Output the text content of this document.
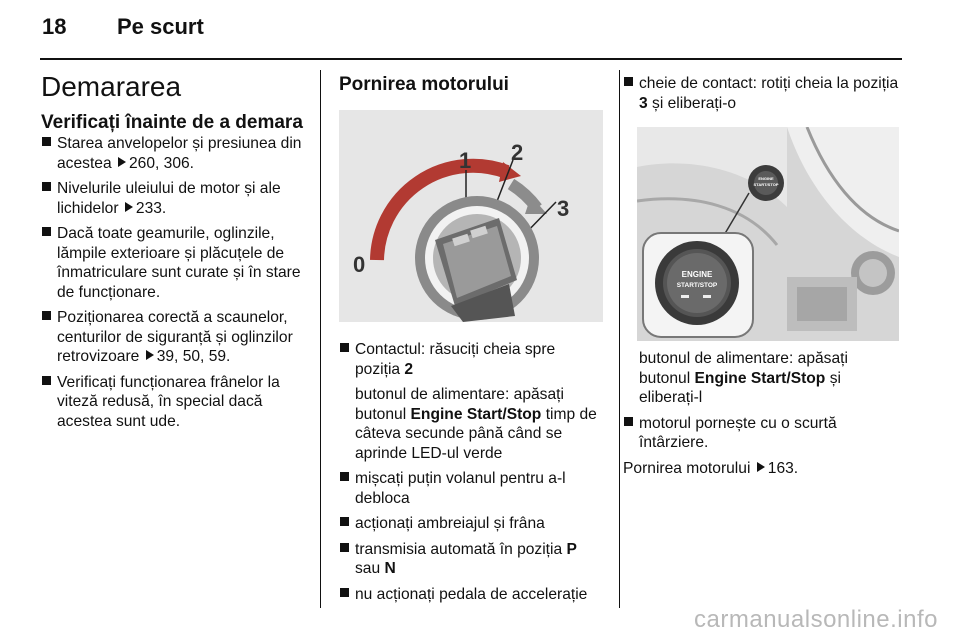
18 Pe scurt
Demararea
Verificați înainte de a demara
Starea anvelopelor și presiunea din acestea 260, 306.
Nivelurile uleiului de motor și ale lichidelor 233.
Dacă toate geamurile, oglinzile, lămpile exterioare și plăcuțele de înmatriculare sunt curate și în stare de funcționare.
Poziționarea corectă a scaunelor, centurilor de siguranță și oglinzilor retrovizoare 39, 50, 59.
Verificați funcționarea frânelor la viteză redusă, în special dacă acestea sunt ude.
Pornirea motorului
0
1 2
3
Contactul: răsuciți cheia spre poziția 2
butonul de alimentare: apăsați butonul Engine Start/Stop timp de câteva secunde până când se aprinde LED-ul verde
mișcați puțin volanul pentru a-l debloca
acționați ambreiajul și frâna
transmisia automată în poziția P sau N
nu acționați pedala de accelerație
cheie de contact: rotiți cheia la poziția 3 și eliberați-o
ENGINE
START/STOP
ENGINE
START/STOP
butonul de alimentare: apăsați butonul Engine Start/Stop și eliberați-l
motorul pornește cu o scurtă întârziere.

Pornirea motorului 163.

carmanualsonline.info
